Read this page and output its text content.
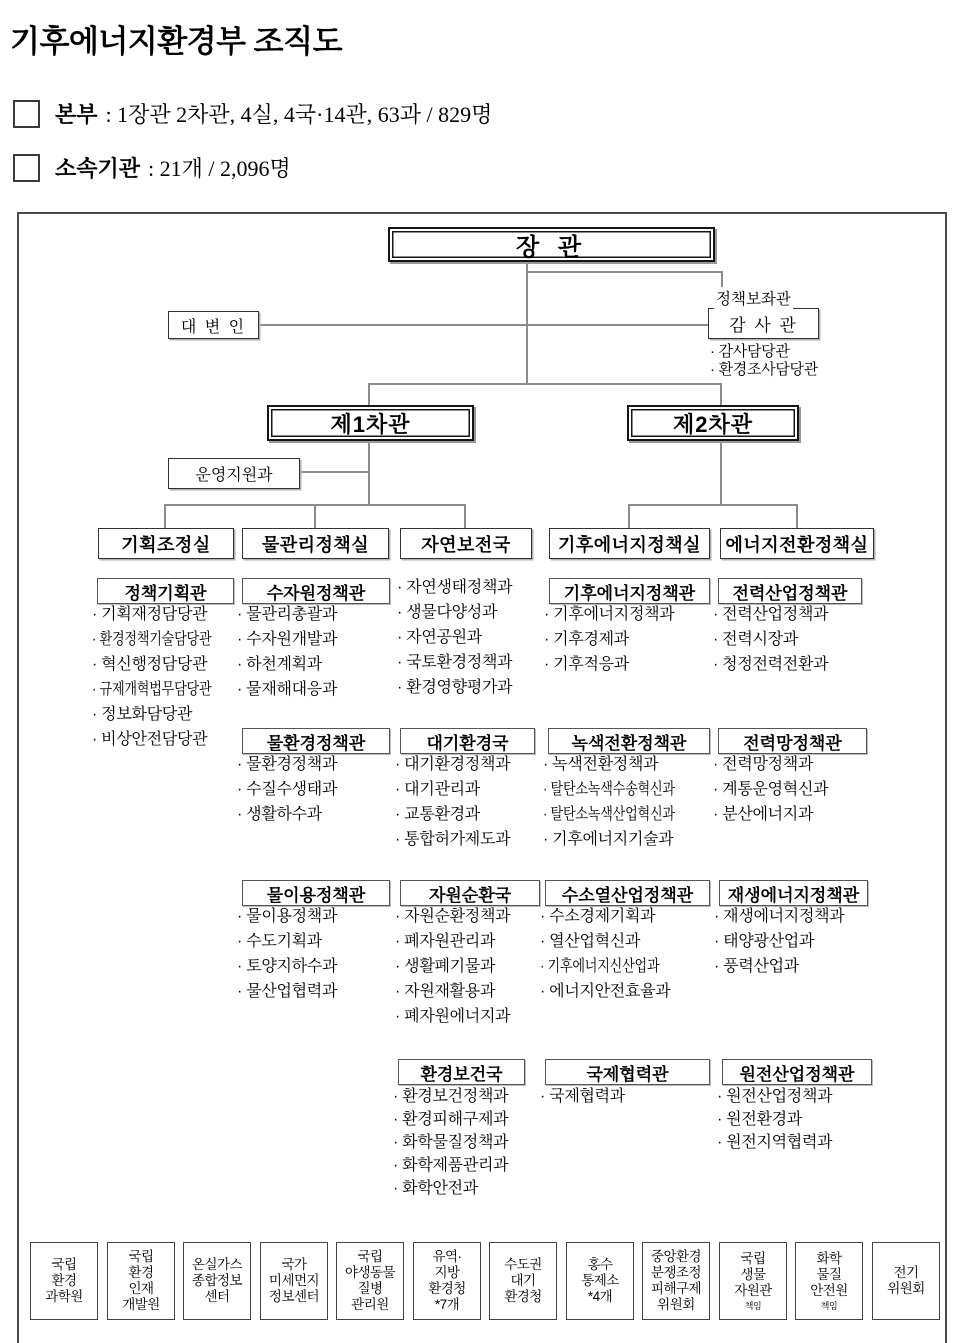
기후에너지환경부 조직도
본부 : 1장관 2차관, 4실, 4국·14관, 63과 / 829명
소속기관 : 21개 / 2,096명
장 관
대 변 인
정책보좌관
감 사 관
· 감사담당관
· 환경조사담당관
제1차관	제2차관
운영지원과
기획조정실	물관리정책실	자연보전국	기후에너지정책실	에너지전환정책실
정책기획관
· 기획재정담당관
· 환경정책기술담당관
· 혁신행정담당관
· 규제개혁법무담당관
· 정보화담당관
· 비상안전담당관
수자원정책관
· 물관리총괄과
· 수자원개발과
· 하천계획과
· 물재해대응과
· 자연생태정책과
· 생물다양성과
· 자연공원과
· 국토환경정책과
· 환경영향평가과
기후에너지정책관
· 기후에너지정책과
· 기후경제과
· 기후적응과
전력산업정책관
· 전력산업정책과
· 전력시장과
· 청정전력전환과
물환경정책관
· 물환경정책과
· 수질수생태과
· 생활하수과
대기환경국
· 대기환경정책과
· 대기관리과
· 교통환경과
· 통합허가제도과
녹색전환정책관
· 녹색전환정책과
· 탈탄소녹색수송혁신과
· 탈탄소녹색산업혁신과
· 기후에너지기술과
전력망정책관
· 전력망정책과
· 계통운영혁신과
· 분산에너지과
물이용정책관
· 물이용정책과
· 수도기획과
· 토양지하수과
· 물산업협력과
자원순환국
· 자원순환정책과
· 폐자원관리과
· 생활폐기물과
· 자원재활용과
· 폐자원에너지과
수소열산업정책관
· 수소경제기획과
· 열산업혁신과
· 기후에너지신산업과
· 에너지안전효율과
재생에너지정책관
· 재생에너지정책과
· 태양광산업과
· 풍력산업과
환경보건국
· 환경보건정책과
· 환경피해구제과
· 화학물질정책과
· 화학제품관리과
· 화학안전과
국제협력관
· 국제협력과
원전산업정책관
· 원전산업정책과
· 원전환경과
· 원전지역협력과
국립
환경
과학원
국립
환경
인재
개발원
온실가스
종합정보
센터
국가
미세먼지
정보센터
국립
야생동물
질병
관리원
유역·
지방
환경청
*7개
수도권
대기
환경청
홍수
통제소
*4개
중앙환경
분쟁조정
피해구제
위원회
국립
생물
자원관
책임
화학
물질
안전원
책임
전기
위원회
